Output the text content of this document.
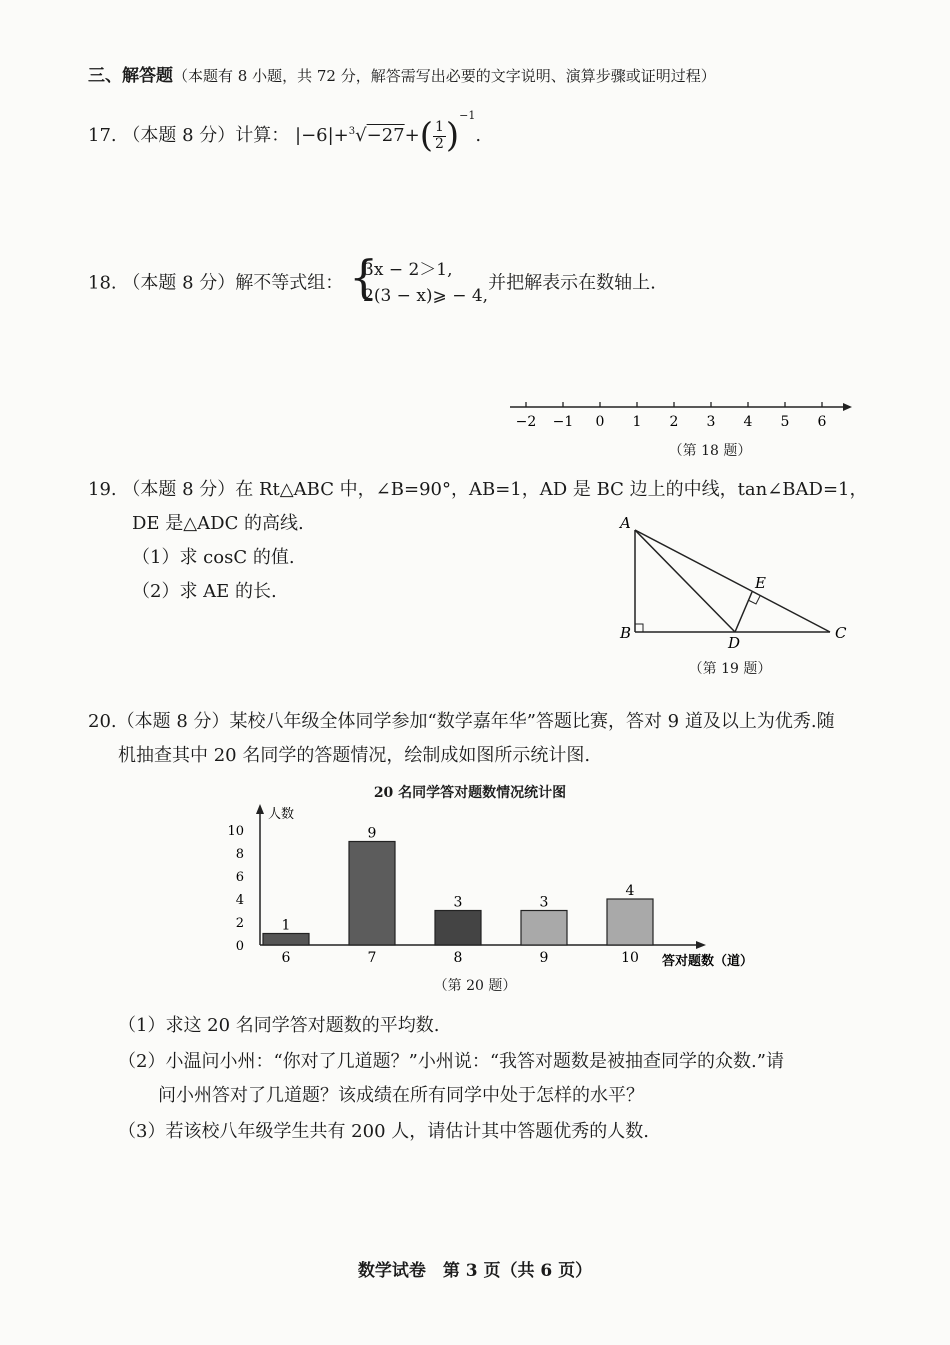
三、解答题（本题有 8 小题，共 72 分，解答需写出必要的文字说明、演算步骤或证明过程）
17. （本题 8 分）计算： $|-6|+^3√-27+( \frac{1}{2} )^{-1}$.
18. （本题 8 分）解不等式组： {
3x − 2＞1,
2(3 − x)⩾ − 4,
并把解表示在数轴上.
−2 −1 0 1 2 3 4 5 6
（第 18 题）
19. （本题 8 分）在 Rt△ABC 中，∠B=90°，AB=1，AD 是 BC 边上的中线，tan∠BAD=1，
DE 是△ADC 的高线.
（1）求 cosC 的值.
（2）求 AE 的长.
A
B	C
D
E
（第 19 题）
20.（本题 8 分）某校八年级全体同学参加“数学嘉年华”答题比赛，答对 9 道及以上为优秀.随
机抽查其中 20 名同学的答题情况，绘制成如图所示统计图.
20 名同学答对题数情况统计图
人数
0
2
4
6
8
10
1
6
9
7
3
8
3
9
4
10 答对题数（道）
（第 20 题）
（1）求这 20 名同学答对题数的平均数.
（2）小温问小州：“你对了几道题？”小州说：“我答对题数是被抽查同学的众数.”请
问小州答对了几道题？该成绩在所有同学中处于怎样的水平？
（3）若该校八年级学生共有 200 人，请估计其中答题优秀的人数.
数学试卷　第 3 页（共 6 页）
